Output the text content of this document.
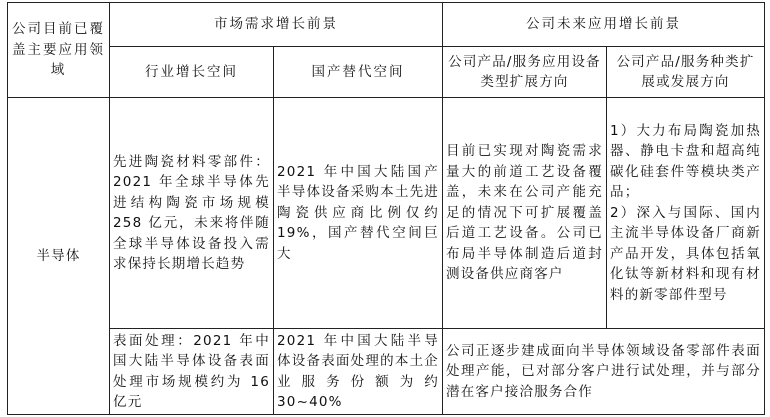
公司目前已覆盖主要应用领域	市场需求增长前景		公司未来应用增长前景	
	行业增长空间	国产替代空间	公司产品/服务应用设备类型扩展方向	公司产品/服务种类扩展或发展方向
半导体	先进陶瓷材料零部件：2021 年全球半导体先进结构陶瓷市场规模 258 亿元，未来将伴随全球半导体设备投入需求保持长期增长趋势	2021 年中国大陆国产半导体设备采购本土先进陶瓷供应商比例仅约 19%，国产替代空间巨大	目前已实现对陶瓷需求量大的前道工艺设备覆盖，未来在公司产能充足的情况下可扩展覆盖后道工艺设备。公司已布局半导体制造后道封测设备供应商客户	1）大力布局陶瓷加热器、静电卡盘和超高纯碳化硅套件等模块类产品；
2）深入与国际、国内主流半导体设备厂商新产品开发，具体包括氧化钛等新材料和现有材料的新零部件型号

	表面处理：2021 年中国大陆半导体设备表面处理市场规模约为 16 亿元	2021 年中国大陆半导体设备表面处理的本土企业服务份额为约 30~40%	公司正逐步建成面向半导体领域设备零部件表面处理产能，已对部分客户进行试处理，并与部分潜在客户接洽服务合作	
